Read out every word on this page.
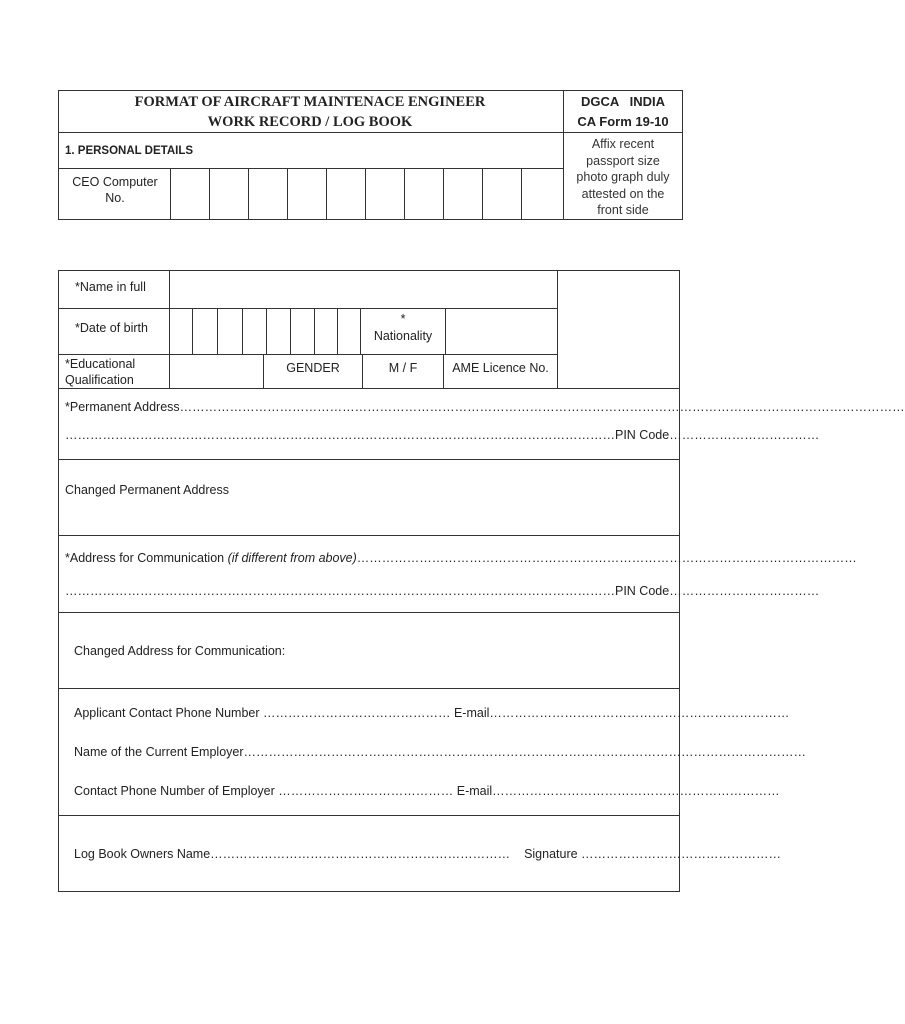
FORMAT OF AIRCRAFT MAINTENACE ENGINEER
WORK RECORD / LOG BOOK
DGCA   INDIA
CA Form 19-10
1. PERSONAL DETAILS
CEO Computer
No.
Affix recent
passport size
photo graph duly
attested on the
front side
*Name in full
*Date of birth
*
Nationality
*Educational
Qualification
GENDER	M / F	AME Licence No.
*Permanent Address…………………………………………………………………………………………………………………………………………………………
……………………………………………………………………………………………………………………PIN Code………………………………
Changed Permanent Address
*Address for Communication (if different from above)…………………………………………………………………………………………………………
……………………………………………………………………………………………………………………PIN Code………………………………
Changed Address for Communication:
Applicant Contact Phone Number ……………………………………… E-mail………………………………………………………………
Name of the Current Employer………………………………………………………………………………………………………………………
Contact Phone Number of Employer …………………………………… E-mail……………………………………………………………
Log Book Owners Name………………………………………………………………    Signature …………………………………………
